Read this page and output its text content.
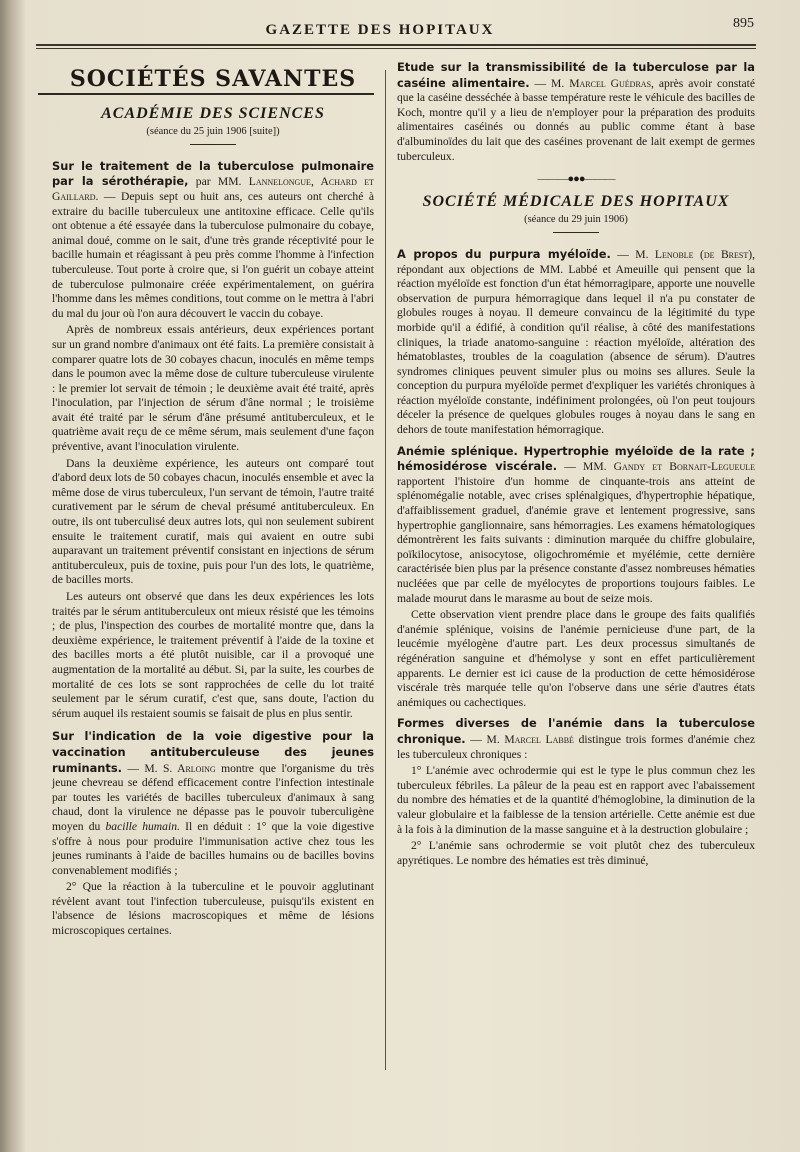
GAZETTE DES HOPITAUX	895
SOCIÉTÉS SAVANTES
ACADÉMIE DES SCIENCES
(séance du 25 juin 1906 [suite])

Sur le traitement de la tuberculose pulmonaire par la sérothérapie, par MM. Lannelongue, Achard et Gaillard. — Depuis sept ou huit ans, ces auteurs ont cherché à extraire du bacille tuberculeux une antitoxine efficace. Celle qu'ils ont obtenue a été essayée dans la tuberculose pulmonaire du cobaye, animal doué, comme on le sait, d'une très grande réceptivité pour le bacille humain et réagissant à peu près comme l'homme à l'infection tuberculeuse. Tout porte à croire que, si l'on guérit un cobaye atteint de tuberculose pulmonaire créée expérimentalement, on guérira l'homme dans les mêmes conditions, tout comme on le mettra à l'abri du mal du jour où l'on aura découvert le vaccin du cobaye.

Après de nombreux essais antérieurs, deux expériences portant sur un grand nombre d'animaux ont été faits. La première consistait à comparer quatre lots de 30 cobayes chacun, inoculés en même temps dans le poumon avec la même dose de culture tuberculeuse virulente : le premier lot servait de témoin ; le deuxième avait été traité, après l'inoculation, par l'injection de sérum d'âne normal ; le troisième avait été traité par le sérum d'âne présumé antituberculeux, et le quatrième avait reçu de ce même sérum, mais seulement d'une façon préventive, avant l'inoculation virulente.

Dans la deuxième expérience, les auteurs ont comparé tout d'abord deux lots de 50 cobayes chacun, inoculés ensemble et avec la même dose de virus tuberculeux, l'un servant de témoin, l'autre traité curativement par le sérum de cheval présumé antituberculeux. En outre, ils ont tuberculisé deux autres lots, qui non seulement subirent ensuite le traitement curatif, mais qui avaient en outre subi auparavant un traitement préventif consistant en injections de sérum antituberculeux, puis de toxine, puis pour l'un des lots, le quatrième, de bacilles morts.

Les auteurs ont observé que dans les deux expériences les lots traités par le sérum antituberculeux ont mieux résisté que les témoins ; de plus, l'inspection des courbes de mortalité montre que, dans la deuxième expérience, le traitement préventif à l'aide de la toxine et des bacilles morts a été plutôt nuisible, car il a provoqué une augmentation de la mortalité au début. Si, par la suite, les courbes de mortalité de ces lots se sont rapprochées de celle du lot traité seulement par le sérum curatif, c'est que, sans doute, l'action du sérum auquel ils restaient soumis se faisait de plus en plus sentir.

Sur l'indication de la voie digestive pour la vaccination antituberculeuse des jeunes ruminants. — M. S. Arloing montre que l'organisme du très jeune chevreau se défend efficacement contre l'infection intestinale par toutes les variétés de bacilles tuberculeux d'animaux à sang chaud, dont la virulence ne dépasse pas le pouvoir tuberculigène moyen du bacille humain. Il en déduit : 1° que la voie digestive s'offre à nous pour produire l'immunisation active chez tous les jeunes ruminants à l'aide de bacilles humains ou de bacilles bovins convenablement modifiés ;

2° Que la réaction à la tuberculine et le pouvoir agglutinant révèlent avant tout l'infection tuberculeuse, puisqu'ils existent en l'absence de lésions macroscopiques et même de lésions microscopiques certaines.

Etude sur la transmissibilité de la tuberculose par la caséine alimentaire. — M. Marcel Guédras, après avoir constaté que la caséine desséchée à basse température reste le véhicule des bacilles de Koch, montre qu'il y a lieu de n'employer pour la préparation des produits alimentaires caséinés ou donnés au public comme étant à base d'albuminoïdes du lait que des caséines provenant de lait exempt de germes tuberculeux.

———●●●———
SOCIÉTÉ MÉDICALE DES HOPITAUX
(séance du 29 juin 1906)

A propos du purpura myéloïde. — M. Lenoble (de Brest), répondant aux objections de MM. Labbé et Ameuille qui pensent que la réaction myéloïde est fonction d'un état hémorragipare, apporte une nouvelle observation de purpura hémorragique dans lequel il n'a pu constater de globules rouges à noyau. Il demeure convaincu de la légitimité du type morbide qu'il a édifié, à condition qu'il réalise, à côté des manifestations cliniques, la triade anatomo-sanguine : réaction myéloïde, altération des hématoblastes, troubles de la coagulation (absence de sérum). D'autres syndromes cliniques peuvent simuler plus ou moins ses allures. Seule la conception du purpura myéloïde permet d'expliquer les variétés chroniques à réaction myéloïde constante, indéfiniment prolongées, où l'on peut toujours déceler la présence de quelques globules rouges à noyau dans le sang en dehors de toute manifestation hémorragique.

Anémie splénique. Hypertrophie myéloïde de la rate ; hémosidérose viscérale. — MM. Gandy et Bornait-Legueule rapportent l'histoire d'un homme de cinquante-trois ans atteint de splénomégalie notable, avec crises splénalgiques, d'hypertrophie hépatique, d'affaiblissement graduel, d'anémie grave et lentement progressive, sans hypertrophie ganglionnaire, sans hémorragies. Les examens hématologiques démontrèrent les faits suivants : diminution marquée du chiffre globulaire, poïkilocytose, anisocytose, oligochromémie et myélémie, cette dernière caractérisée bien plus par la présence constante d'assez nombreuses hématies nucléées que par celle de myélocytes de proportions toujours faibles. Le malade mourut dans le marasme au bout de seize mois.

Cette observation vient prendre place dans le groupe des faits qualifiés d'anémie splénique, voisins de l'anémie pernicieuse d'une part, de la leucémie myélogène d'autre part. Les deux processus simultanés de régénération sanguine et d'hémolyse y sont en effet particulièrement apparents. Le dernier est ici cause de la production de cette hémosidérose viscérale très marquée telle qu'on l'observe dans une série d'autres états anémiques ou cachectiques.

Formes diverses de l'anémie dans la tuberculose chronique. — M. Marcel Labbé distingue trois formes d'anémie chez les tuberculeux chroniques :

1° L'anémie avec ochrodermie qui est le type le plus commun chez les tuberculeux fébriles. La pâleur de la peau est en rapport avec l'abaissement du nombre des hématies et de la quantité d'hémoglobine, la diminution de la valeur globulaire et la faiblesse de la tension artérielle. Cette anémie est due à la fois à la diminution de la masse sanguine et à la destruction globulaire ;

2° L'anémie sans ochrodermie se voit plutôt chez des tuberculeux apyrétiques. Le nombre des hématies est très diminué,
